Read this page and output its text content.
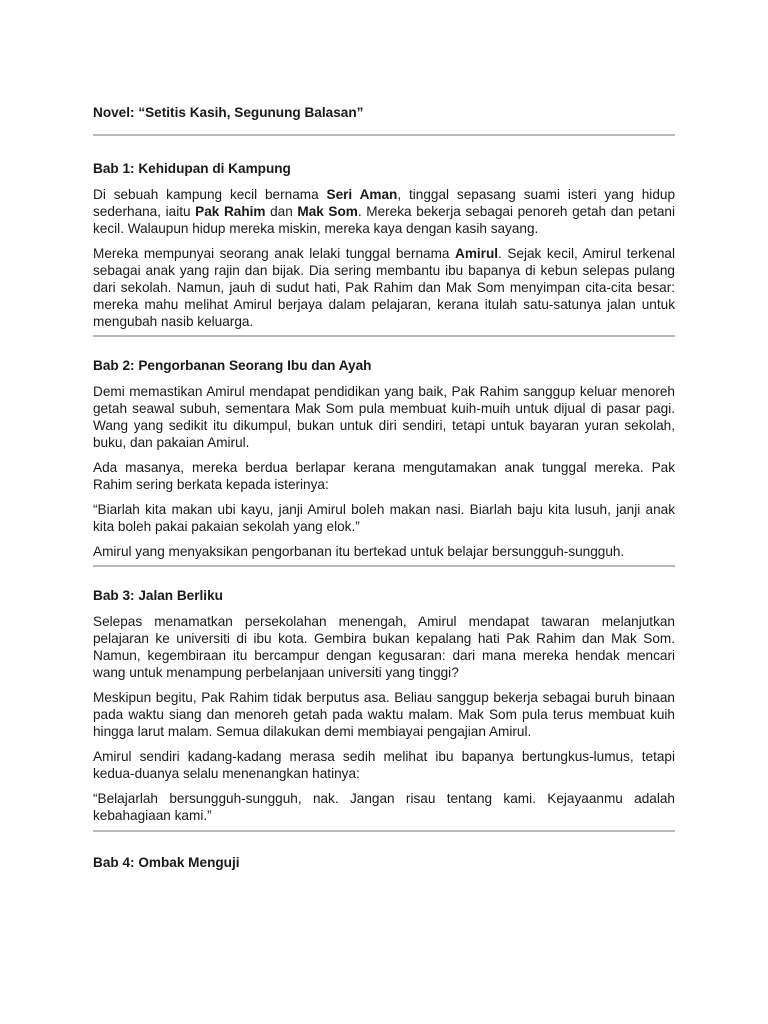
Novel: “Setitis Kasih, Segunung Balasan”
Bab 1: Kehidupan di Kampung

Di sebuah kampung kecil bernama Seri Aman, tinggal sepasang suami isteri yang hidup sederhana, iaitu Pak Rahim dan Mak Som. Mereka bekerja sebagai penoreh getah dan petani kecil. Walaupun hidup mereka miskin, mereka kaya dengan kasih sayang.

Mereka mempunyai seorang anak lelaki tunggal bernama Amirul. Sejak kecil, Amirul terkenal sebagai anak yang rajin dan bijak. Dia sering membantu ibu bapanya di kebun selepas pulang dari sekolah. Namun, jauh di sudut hati, Pak Rahim dan Mak Som menyimpan cita-cita besar: mereka mahu melihat Amirul berjaya dalam pelajaran, kerana itulah satu-satunya jalan untuk mengubah nasib keluarga.

Bab 2: Pengorbanan Seorang Ibu dan Ayah

Demi memastikan Amirul mendapat pendidikan yang baik, Pak Rahim sanggup keluar menoreh getah seawal subuh, sementara Mak Som pula membuat kuih-muih untuk dijual di pasar pagi. Wang yang sedikit itu dikumpul, bukan untuk diri sendiri, tetapi untuk bayaran yuran sekolah, buku, dan pakaian Amirul.

Ada masanya, mereka berdua berlapar kerana mengutamakan anak tunggal mereka. Pak Rahim sering berkata kepada isterinya:

“Biarlah kita makan ubi kayu, janji Amirul boleh makan nasi. Biarlah baju kita lusuh, janji anak kita boleh pakai pakaian sekolah yang elok.”

Amirul yang menyaksikan pengorbanan itu bertekad untuk belajar bersungguh-sungguh.

Bab 3: Jalan Berliku

Selepas menamatkan persekolahan menengah, Amirul mendapat tawaran melanjutkan pelajaran ke universiti di ibu kota. Gembira bukan kepalang hati Pak Rahim dan Mak Som. Namun, kegembiraan itu bercampur dengan kegusaran: dari mana mereka hendak mencari wang untuk menampung perbelanjaan universiti yang tinggi?

Meskipun begitu, Pak Rahim tidak berputus asa. Beliau sanggup bekerja sebagai buruh binaan pada waktu siang dan menoreh getah pada waktu malam. Mak Som pula terus membuat kuih hingga larut malam. Semua dilakukan demi membiayai pengajian Amirul.

Amirul sendiri kadang-kadang merasa sedih melihat ibu bapanya bertungkus-lumus, tetapi kedua-duanya selalu menenangkan hatinya:

“Belajarlah bersungguh-sungguh, nak. Jangan risau tentang kami. Kejayaanmu adalah kebahagiaan kami.”

Bab 4: Ombak Menguji
